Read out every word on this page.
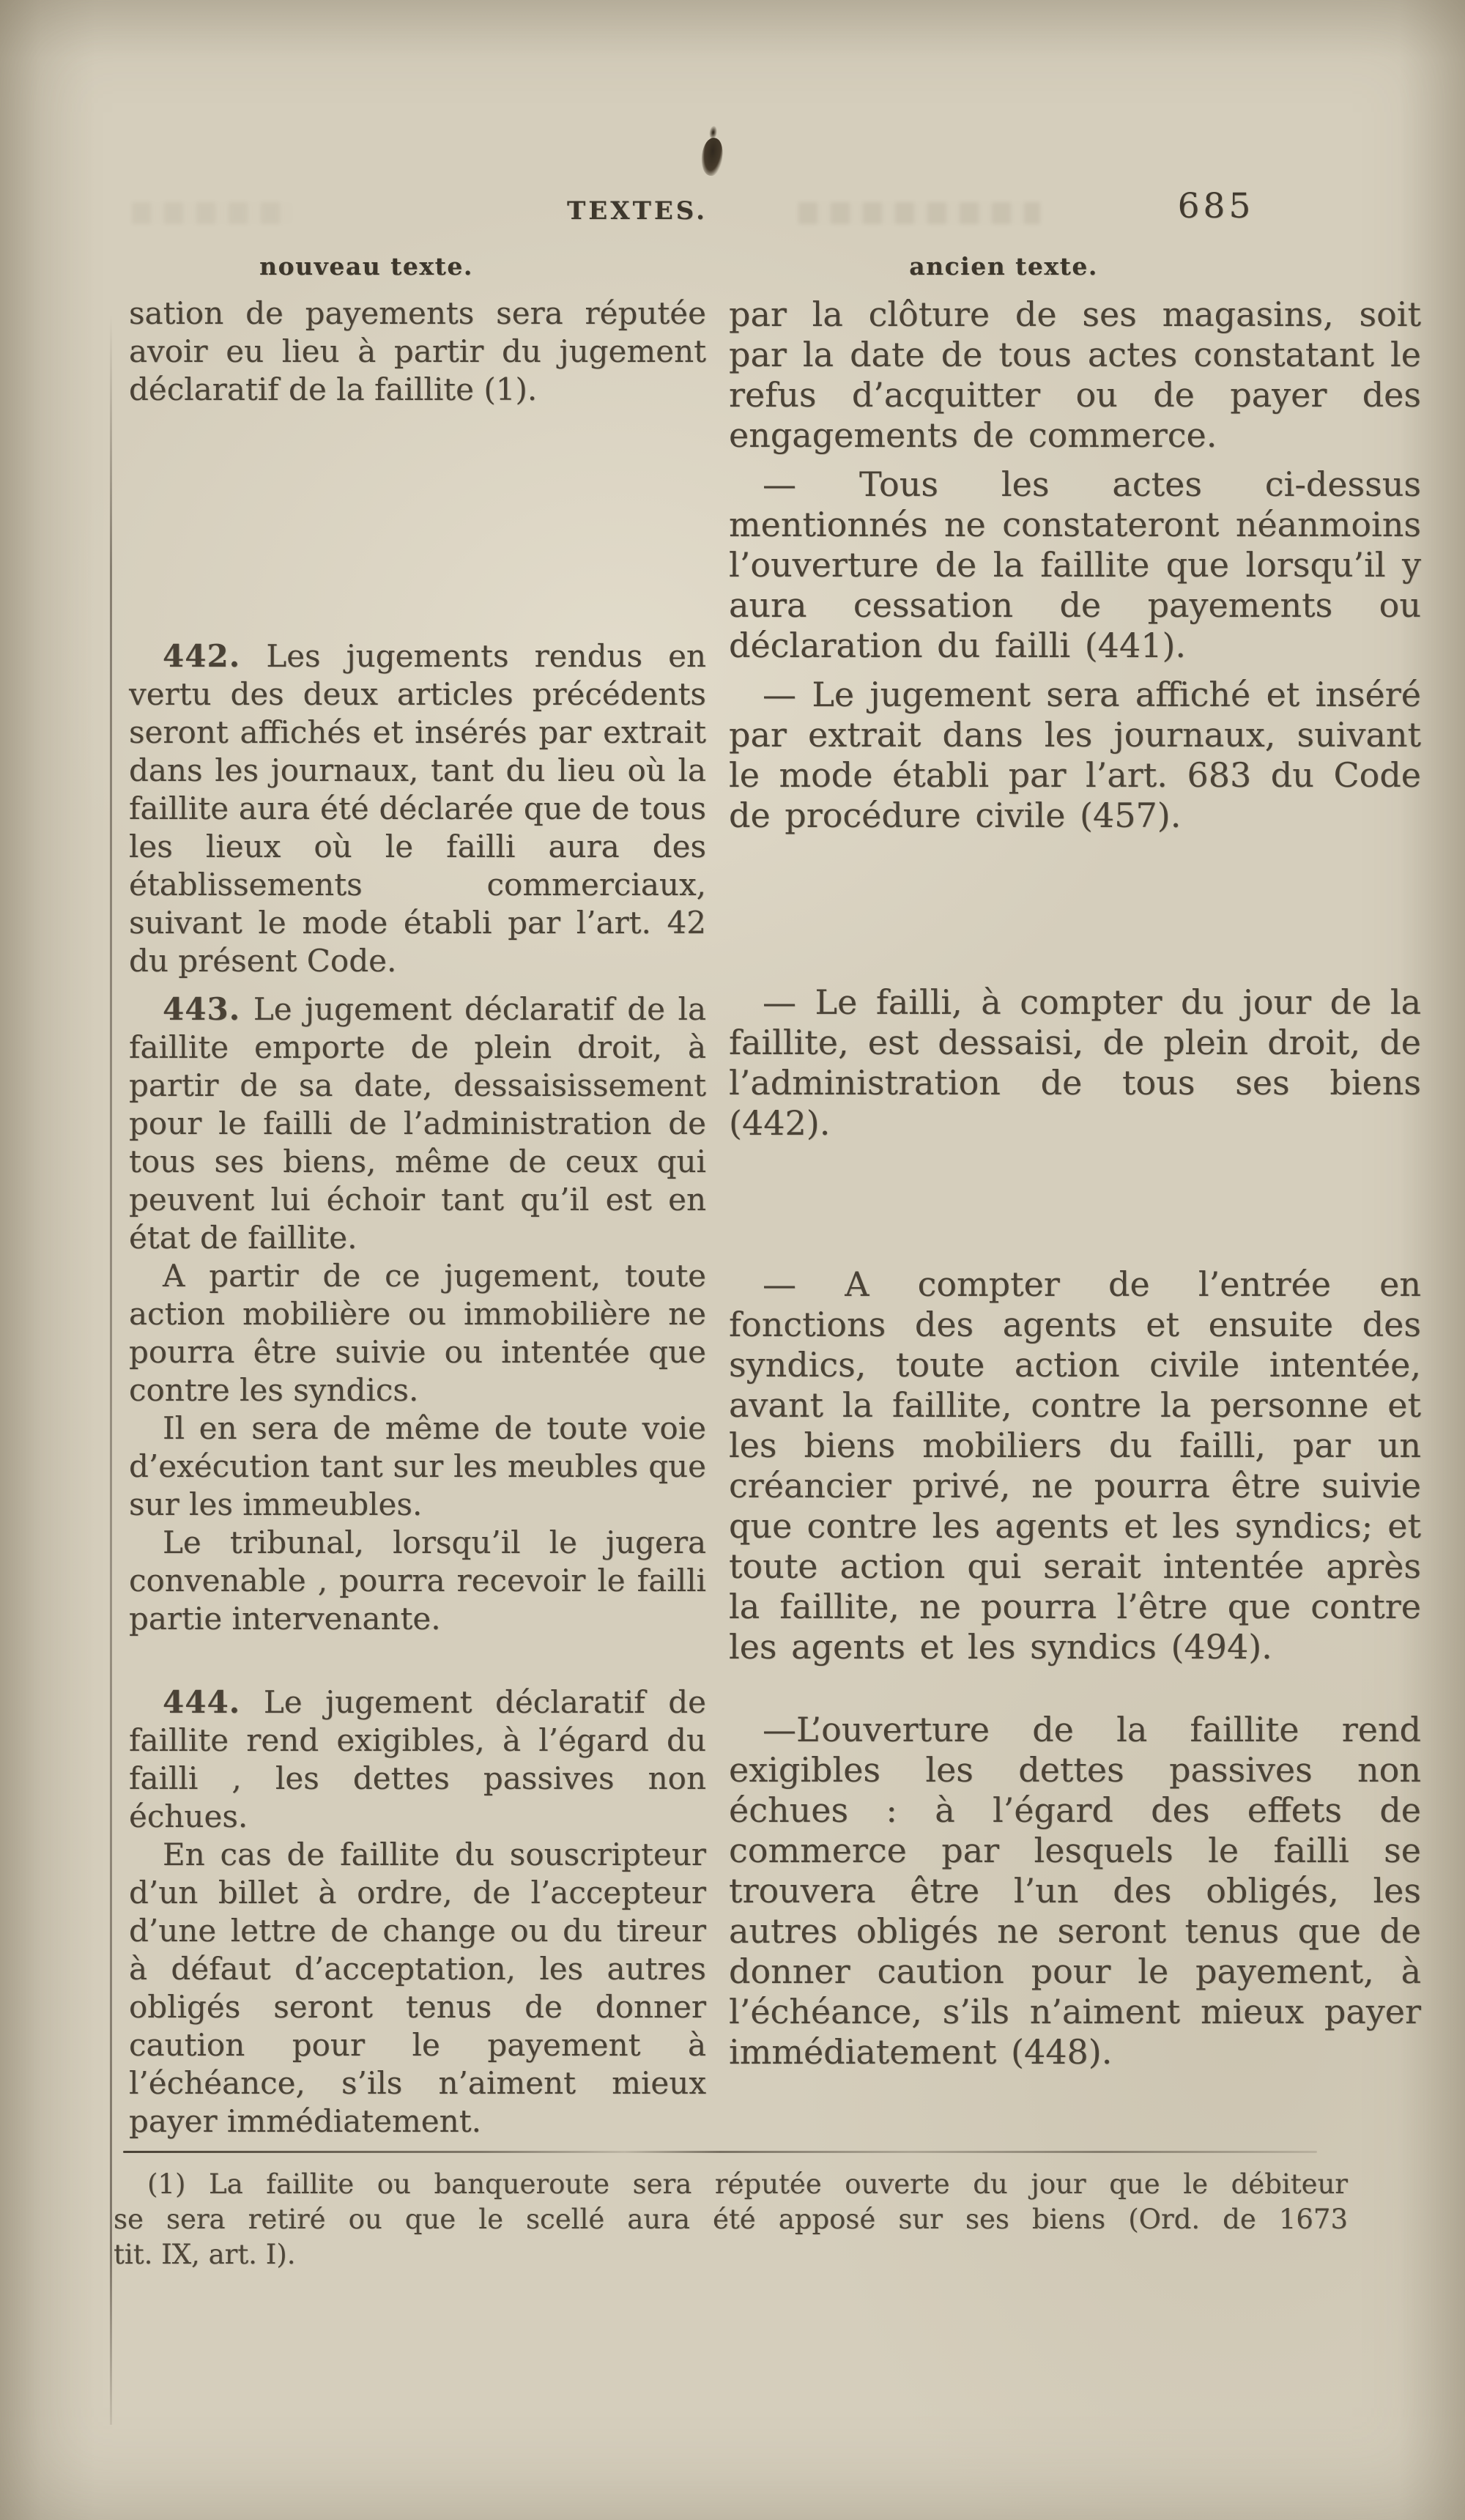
TEXTES.	685
nouveau texte.	ancien texte.

sation de payements sera réputée avoir eu lieu à partir du jugement déclaratif de la faillite (1).

442. Les jugements rendus en vertu des deux articles précédents seront affichés et insérés par extrait dans les journaux, tant du lieu où la faillite aura été déclarée que de tous les lieux où le failli aura des établissements commerciaux, suivant le mode établi par l’art. 42 du présent Code.

443. Le jugement déclaratif de la faillite emporte de plein droit, à partir de sa date, dessaisissement pour le failli de l’administration de tous ses biens, même de ceux qui peuvent lui échoir tant qu’il est en état de faillite.

A partir de ce jugement, toute action mobilière ou immobilière ne pourra être suivie ou intentée que contre les syndics.

Il en sera de même de toute voie d’exécution tant sur les meubles que sur les immeubles.

Le tribunal, lorsqu’il le jugera convenable , pourra recevoir le failli partie intervenante.

444. Le jugement déclaratif de faillite rend exigibles, à l’égard du failli , les dettes passives non échues.

En cas de faillite du souscripteur d’un billet à ordre, de l’accepteur d’une lettre de change ou du tireur à défaut d’acceptation, les autres obligés seront tenus de donner caution pour le payement à l’échéance, s’ils n’aiment mieux payer immédiatement.

par la clôture de ses magasins, soit par la date de tous actes constatant le refus d’acquitter ou de payer des engagements de commerce.

— Tous les actes ci-dessus mentionnés ne constateront néanmoins l’ouverture de la faillite que lorsqu’il y aura cessation de payements ou déclaration du failli (441).

— Le jugement sera affiché et inséré par extrait dans les journaux, suivant le mode établi par l’art. 683 du Code de procédure civile (457).

— Le failli, à compter du jour de la faillite, est dessaisi, de plein droit, de l’administration de tous ses biens (442).

— A compter de l’entrée en fonctions des agents et ensuite des syndics, toute action civile intentée, avant la faillite, contre la personne et les biens mobiliers du failli, par un créancier privé, ne pourra être suivie que contre les agents et les syndics; et toute action qui serait intentée après la faillite, ne pourra l’être que contre les agents et les syndics (494).

—L’ouverture de la faillite rend exigibles les dettes passives non échues : à l’égard des effets de commerce par lesquels le failli se trouvera être l’un des obligés, les autres obligés ne seront tenus que de donner caution pour le payement, à l’échéance, s’ils n’aiment mieux payer immédiatement (448).

(1) La faillite ou banqueroute sera réputée ouverte du jour que le débiteur
se sera retiré ou que le scellé aura été apposé sur ses biens (Ord. de 1673
tit. IX, art. I).
